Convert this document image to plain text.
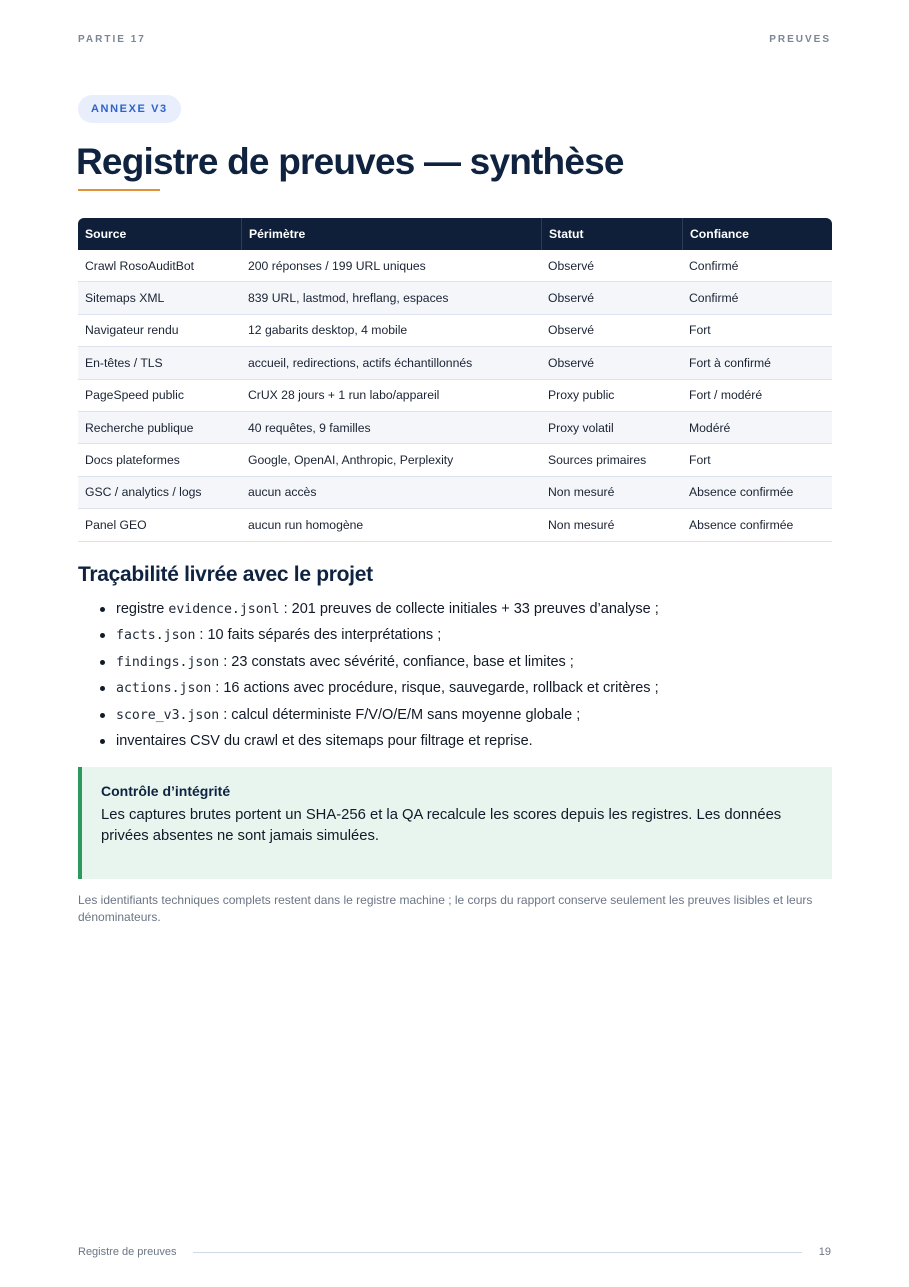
PARTIE 17	PREUVES
ANNEXE V3
Registre de preuves — synthèse
Source	Périmètre	Statut	Confiance
Crawl RosoAuditBot	200 réponses / 199 URL uniques	Observé	Confirmé
Sitemaps XML	839 URL, lastmod, hreflang, espaces	Observé	Confirmé
Navigateur rendu	12 gabarits desktop, 4 mobile	Observé	Fort
En-têtes / TLS	accueil, redirections, actifs échantillonnés	Observé	Fort à confirmé
PageSpeed public	CrUX 28 jours + 1 run labo/appareil	Proxy public	Fort / modéré
Recherche publique	40 requêtes, 9 familles	Proxy volatil	Modéré
Docs plateformes	Google, OpenAI, Anthropic, Perplexity	Sources primaires	Fort
GSC / analytics / logs	aucun accès	Non mesuré	Absence confirmée
Panel GEO	aucun run homogène	Non mesuré	Absence confirmée
Traçabilité livrée avec le projet
registre evidence.jsonl : 201 preuves de collecte initiales + 33 preuves d’analyse ;
facts.json : 10 faits séparés des interprétations ;
findings.json : 23 constats avec sévérité, confiance, base et limites ;
actions.json : 16 actions avec procédure, risque, sauvegarde, rollback et critères ;
score_v3.json : calcul déterministe F/V/O/E/M sans moyenne globale ;
inventaires CSV du crawl et des sitemaps pour filtrage et reprise.
Contrôle d’intégrité
Les captures brutes portent un SHA-256 et la QA recalcule les scores depuis les registres. Les données privées absentes ne sont jamais simulées.

Les identifiants techniques complets restent dans le registre machine ; le corps du rapport conserve seulement les preuves lisibles et leurs dénominateurs.

Registre de preuves	19
